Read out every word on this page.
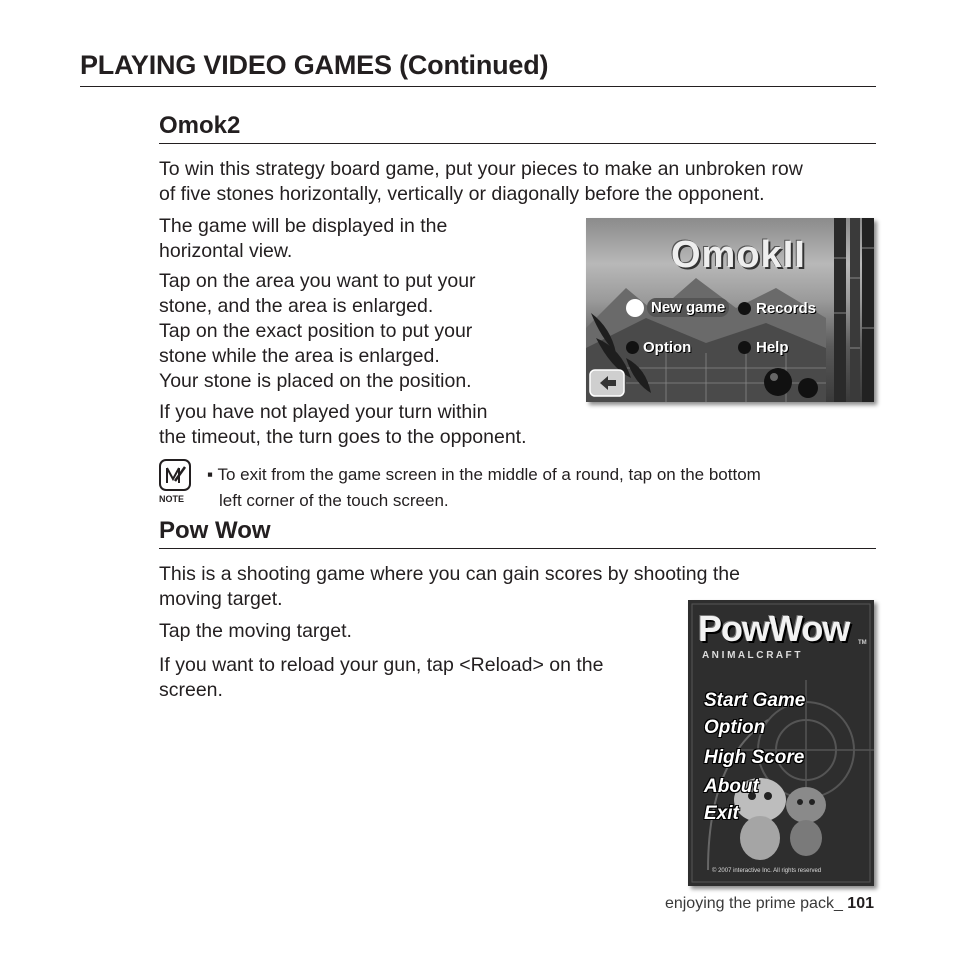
PLAYING VIDEO GAMES (Continued)
Omok2
To win this strategy board game, put your pieces to make an unbroken row
of five stones horizontally, vertically or diagonally before the opponent.
The game will be displayed in the
horizontal view.
Tap on the area you want to put your
stone, and the area is enlarged.
Tap on the exact position to put your
stone while the area is enlarged.
Your stone is placed on the position.
If you have not played your turn within
the timeout, the turn goes to the opponent.
OmokII
New game Records
Option	Help
NOTE
▪ To exit from the game screen in the middle of a round, tap on the bottom
left corner of the touch screen.
Pow Wow
This is a shooting game where you can gain scores by shooting the
moving target.
Tap the moving target.
If you want to reload your gun, tap <Reload> on the
screen.
PowWow TM
A N I M A L C R A F T
Start Game
Option
High Score
About
Exit
© 2007 interactive Inc. All rights reserved
enjoying the prime pack_ 101
